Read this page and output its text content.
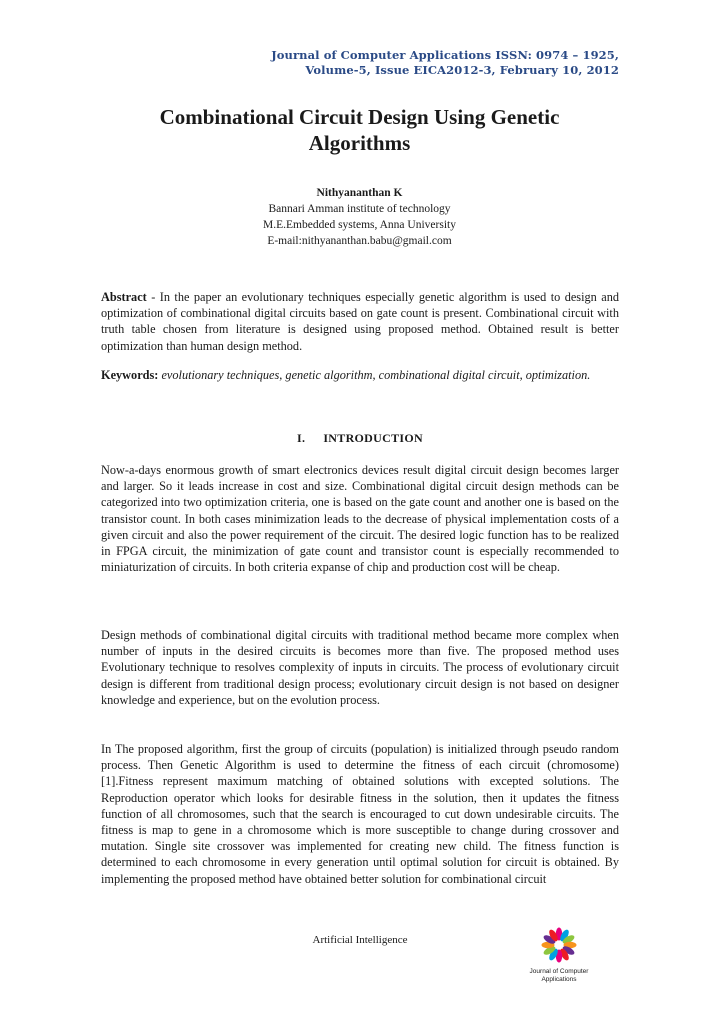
Journal of Computer Applications ISSN: 0974 – 1925,
Volume-5, Issue EICA2012-3, February 10, 2012
Combinational Circuit Design Using Genetic
Algorithms
Nithyananthan K
Bannari Amman institute of technology
M.E.Embedded systems, Anna University
E-mail:nithyananthan.babu@gmail.com
Abstract - In the paper an evolutionary techniques especially genetic algorithm is used to design and optimization of combinational digital circuits based on gate count is present. Combinational circuit with truth table chosen from literature is designed using proposed method. Obtained result is better optimization than human design method.
Keywords: evolutionary techniques, genetic algorithm, combinational digital circuit, optimization.
I. INTRODUCTION
Now-a-days enormous growth of smart electronics devices result digital circuit design becomes larger and larger. So it leads increase in cost and size. Combinational digital circuit design methods can be categorized into two optimization criteria, one is based on the gate count and another one is based on the transistor count. In both cases minimization leads to the decrease of physical implementation costs of a given circuit and also the power requirement of the circuit. The desired logic function has to be realized in FPGA circuit, the minimization of gate count and transistor count is especially recommended to miniaturization of circuits. In both criteria expanse of chip and production cost will be cheap.
Design methods of combinational digital circuits with traditional method became more complex when number of inputs in the desired circuits is becomes more than five. The proposed method uses Evolutionary technique to resolves complexity of inputs in circuits. The process of evolutionary circuit design is different from traditional design process; evolutionary circuit design is not based on designer knowledge and experience, but on the evolution process.
In The proposed algorithm, first the group of circuits (population) is initialized through pseudo random process. Then Genetic Algorithm is used to determine the fitness of each circuit (chromosome) [1].Fitness represent maximum matching of obtained solutions with excepted solutions. The Reproduction operator which looks for desirable fitness in the solution, then it updates the fitness function of all chromosomes, such that the search is encouraged to cut down undesirable circuits. The fitness is map to gene in a chromosome which is more susceptible to change during crossover and mutation. Single site crossover was implemented for creating new child. The fitness function is determined to each chromosome in every generation until optimal solution for circuit is obtained. By implementing the proposed method have obtained better solution for combinational circuit
Artificial Intelligence
Journal of Computer
Applications
